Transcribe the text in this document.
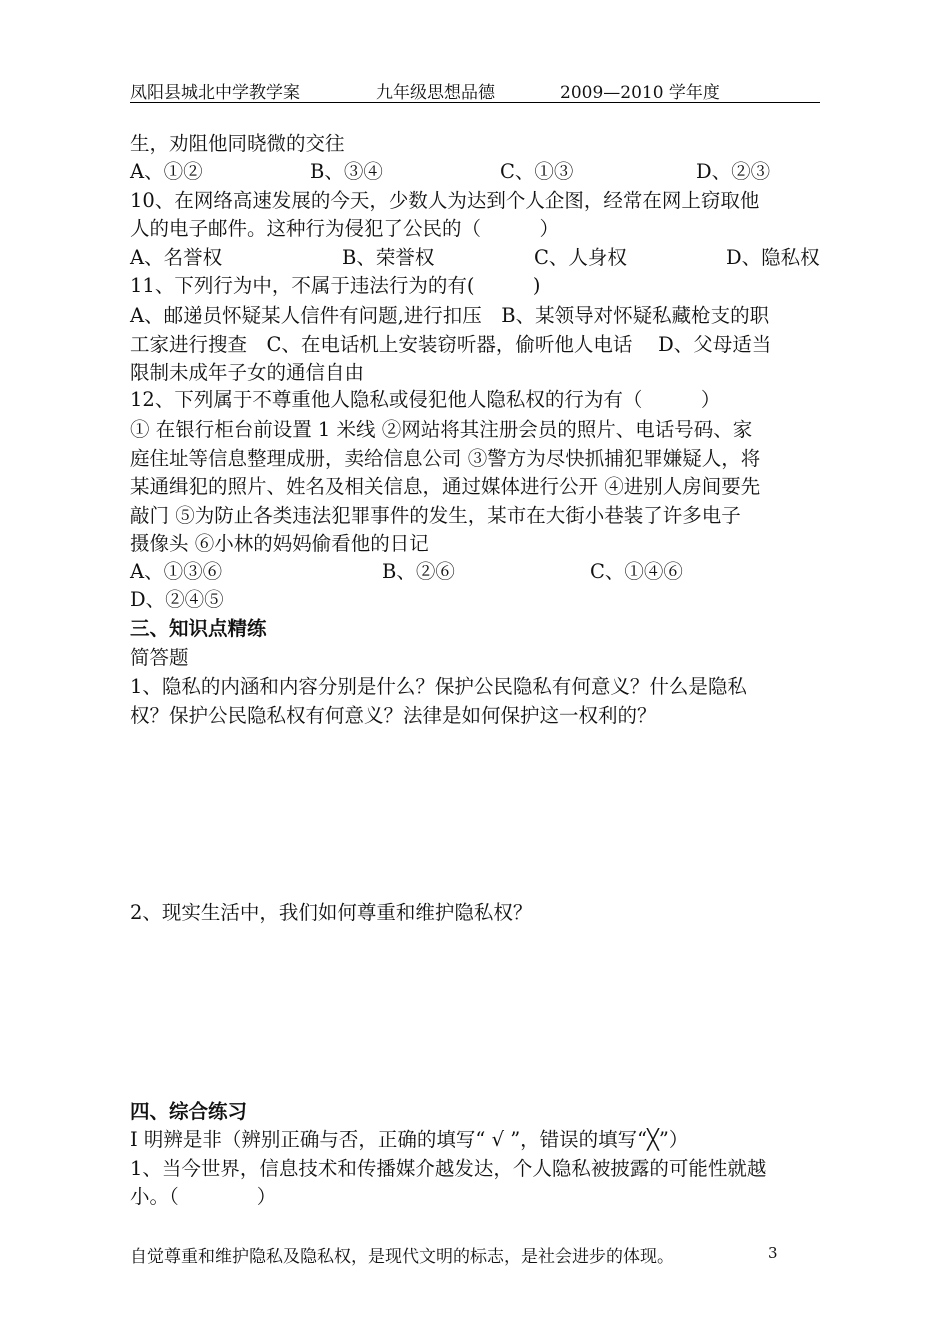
凤阳县城北中学教学案	九年级思想品德	2009—2010 学年度
生，劝阻他同晓微的交往
A、①②	B、③④	C、①③	D、②③
10、在网络高速发展的今天，少数人为达到个人企图，经常在网上窃取他
人的电子邮件。这种行为侵犯了公民的（　　　）
A、名誉权	B、荣誉权	C、人身权	D、隐私权
11、下列行为中，不属于违法行为的有(　　　)
A、邮递员怀疑某人信件有问题,进行扣压　B、某领导对怀疑私藏枪支的职
工家进行搜查　C、在电话机上安装窃听器，偷听他人电话　 D、父母适当
限制未成年子女的通信自由
12、下列属于不尊重他人隐私或侵犯他人隐私权的行为有（　　　）
① 在银行柜台前设置 1 米线 ②网站将其注册会员的照片、电话号码、家
庭住址等信息整理成册，卖给信息公司 ③警方为尽快抓捕犯罪嫌疑人，将
某通缉犯的照片、姓名及相关信息，通过媒体进行公开 ④进别人房间要先
敲门 ⑤为防止各类违法犯罪事件的发生，某市在大街小巷装了许多电子
摄像头 ⑥小林的妈妈偷看他的日记
A、①③⑥	B、②⑥	C、①④⑥
D、②④⑤
三、知识点精练
简答题
1、隐私的内涵和内容分别是什么？保护公民隐私有何意义？什么是隐私
权？保护公民隐私权有何意义？法律是如何保护这一权利的？
2、现实生活中，我们如何尊重和维护隐私权？
四、综合练习
Ⅰ 明辨是非（辨别正确与否，正确的填写“ √ ”，错误的填写“╳”）
1、当今世界，信息技术和传播媒介越发达，个人隐私被披露的可能性就越
小。（　　　　）
自觉尊重和维护隐私及隐私权，是现代文明的标志，是社会进步的体现。	3
